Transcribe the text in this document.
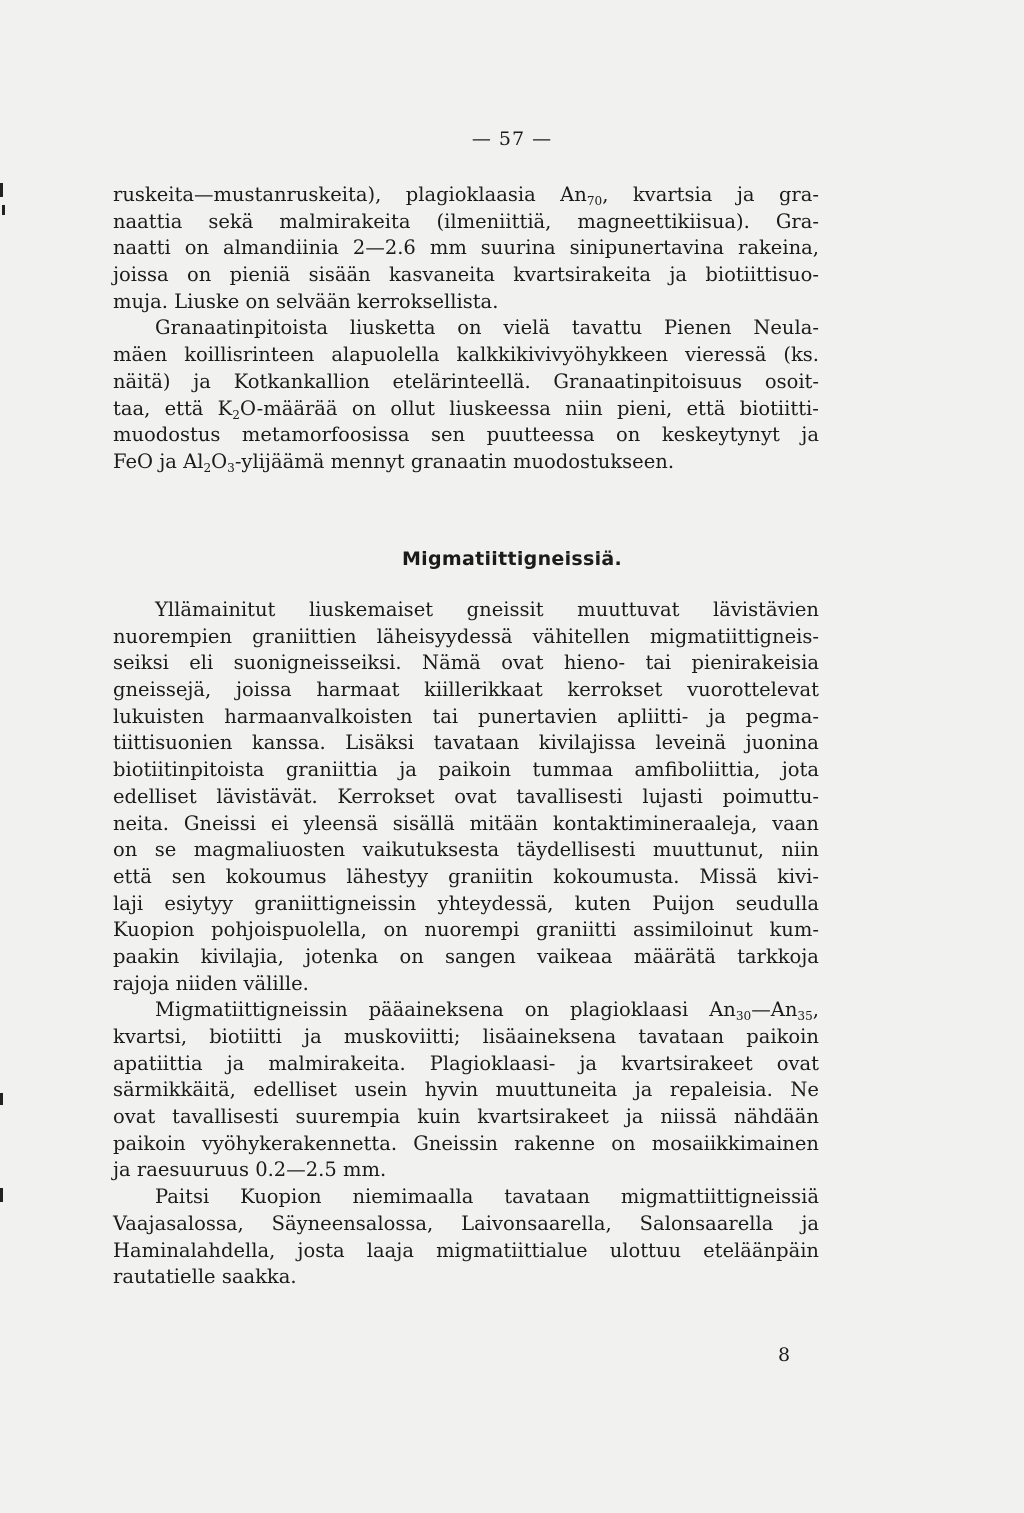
— 57 —
ruskeita—mustanruskeita), plagioklaasia $An_{70}$, kvartsia ja gra-
naattia sekä malmirakeita (ilmeniittiä, magneettikiisua). Gra-
naatti on almandiinia 2—2.6 mm suurina sinipunertavina rakeina,
joissa on pieniä sisään kasvaneita kvartsirakeita ja biotiittisuo-
muja. Liuske on selvään kerroksellista.
Granaatinpitoista liusketta on vielä tavattu Pienen Neula-
mäen koillisrinteen alapuolella kalkkikivivyöhykkeen vieressä (ks.
näitä) ja Kotkankallion etelärinteellä. Granaatinpitoisuus osoit-
taa, että $K_2O$-määrää on ollut liuskeessa niin pieni, että biotiitti-
muodostus metamorfoosissa sen puutteessa on keskeytynyt ja
FeO ja $Al_2O_3$-ylijäämä mennyt granaatin muodostukseen.
Migmatiittigneissiä.
Yllämainitut liuskemaiset gneissit muuttuvat lävistävien
nuorempien graniittien läheisyydessä vähitellen migmatiittigneis-
seiksi eli suonigneisseiksi. Nämä ovat hieno- tai pienirakeisia
gneissejä, joissa harmaat kiillerikkaat kerrokset vuorottelevat
lukuisten harmaanvalkoisten tai punertavien apliitti- ja pegma-
tiittisuonien kanssa. Lisäksi tavataan kivilajissa leveinä juonina
biotiitinpitoista graniittia ja paikoin tummaa amfiboliittia, jota
edelliset lävistävät. Kerrokset ovat tavallisesti lujasti poimuttu-
neita. Gneissi ei yleensä sisällä mitään kontaktimineraaleja, vaan
on se magmaliuosten vaikutuksesta täydellisesti muuttunut, niin
että sen kokoumus lähestyy graniitin kokoumusta. Missä kivi-
laji esiytyy graniittigneissin yhteydessä, kuten Puijon seudulla
Kuopion pohjoispuolella, on nuorempi graniitti assimiloinut kum-
paakin kivilajia, jotenka on sangen vaikeaa määrätä tarkkoja
rajoja niiden välille.
Migmatiittigneissin pääaineksena on plagioklaasi $An_{30}—An_{35}$,
kvartsi, biotiitti ja muskoviitti; lisäaineksena tavataan paikoin
apatiittia ja malmirakeita. Plagioklaasi- ja kvartsirakeet ovat
särmikkäitä, edelliset usein hyvin muuttuneita ja repaleisia. Ne
ovat tavallisesti suurempia kuin kvartsirakeet ja niissä nähdään
paikoin vyöhykerakennetta. Gneissin rakenne on mosaiikkimainen
ja raesuuruus 0.2—2.5 mm.
Paitsi Kuopion niemimaalla tavataan migmattiittigneissiä
Vaajasalossa, Säyneensalossa, Laivonsaarella, Salonsaarella ja
Haminalahdella, josta laaja migmatiittialue ulottuu eteläänpäin
rautatielle saakka.
8
